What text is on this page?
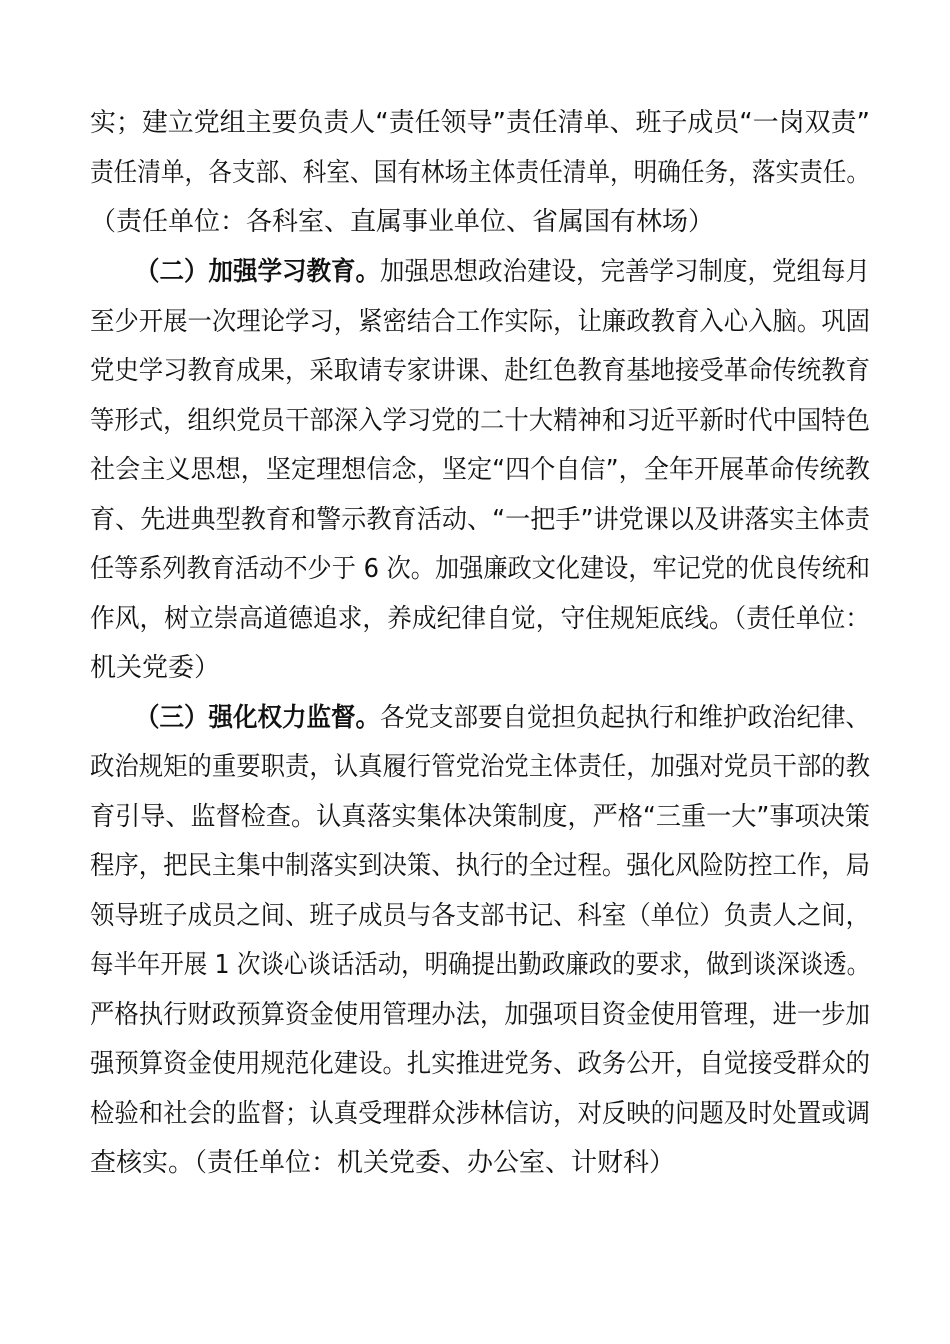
实；建立党组主要负责人“责任领导”责任清单、班子成员“一岗双责”
责任清单，各支部、科室、国有林场主体责任清单，明确任务，落实责任。
（责任单位：各科室、直属事业单位、省属国有林场）
（二）加强学习教育。加强思想政治建设，完善学习制度，党组每月
至少开展一次理论学习，紧密结合工作实际，让廉政教育入心入脑。巩固
党史学习教育成果，采取请专家讲课、赴红色教育基地接受革命传统教育
等形式，组织党员干部深入学习党的二十大精神和习近平新时代中国特色
社会主义思想，坚定理想信念，坚定“四个自信”，全年开展革命传统教
育、先进典型教育和警示教育活动、“一把手”讲党课以及讲落实主体责
任等系列教育活动不少于 6 次。加强廉政文化建设，牢记党的优良传统和
作风，树立崇高道德追求，养成纪律自觉，守住规矩底线。（责任单位：
机关党委）
（三）强化权力监督。各党支部要自觉担负起执行和维护政治纪律、
政治规矩的重要职责，认真履行管党治党主体责任，加强对党员干部的教
育引导、监督检查。认真落实集体决策制度，严格“三重一大”事项决策
程序，把民主集中制落实到决策、执行的全过程。强化风险防控工作，局
领导班子成员之间、班子成员与各支部书记、科室（单位）负责人之间，
每半年开展 1 次谈心谈话活动，明确提出勤政廉政的要求，做到谈深谈透。
严格执行财政预算资金使用管理办法，加强项目资金使用管理，进一步加
强预算资金使用规范化建设。扎实推进党务、政务公开，自觉接受群众的
检验和社会的监督；认真受理群众涉林信访，对反映的问题及时处置或调
查核实。（责任单位：机关党委、办公室、计财科）
